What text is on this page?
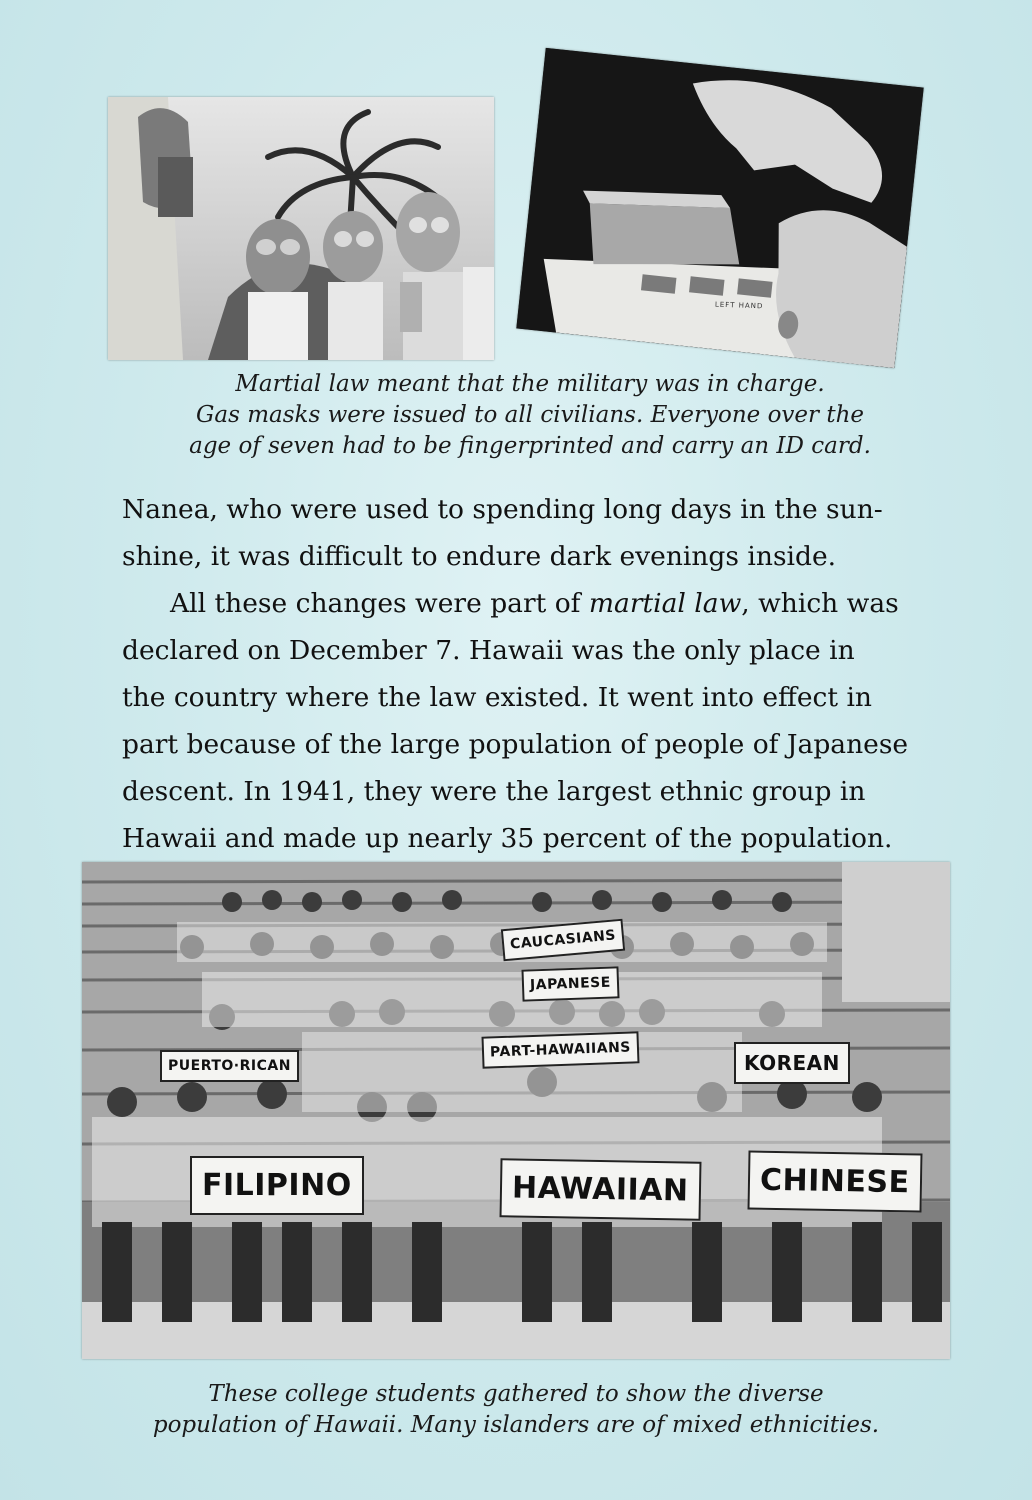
LEFT HAND
Martial law meant that the military was in charge.
Gas masks were issued to all civilians. Everyone over the
age of seven had to be fingerprinted and carry an ID card.

Nanea, who were used to spending long days in the sun-
shine, it was difficult to endure dark evenings inside.

All these changes were part of martial law, which was
declared on December 7. Hawaii was the only place in
the country where the law existed. It went into effect in
part because of the large population of people of Japanese
descent. In 1941, they were the largest ethnic group in
Hawaii and made up nearly 35 percent of the population.

CAUCASIANS
JAPANESE
PUERTO·RICAN
PART-HAWAIIANS
KOREAN
FILIPINO	HAWAIIAN	CHINESE
These college students gathered to show the diverse
population of Hawaii. Many islanders are of mixed ethnicities.
